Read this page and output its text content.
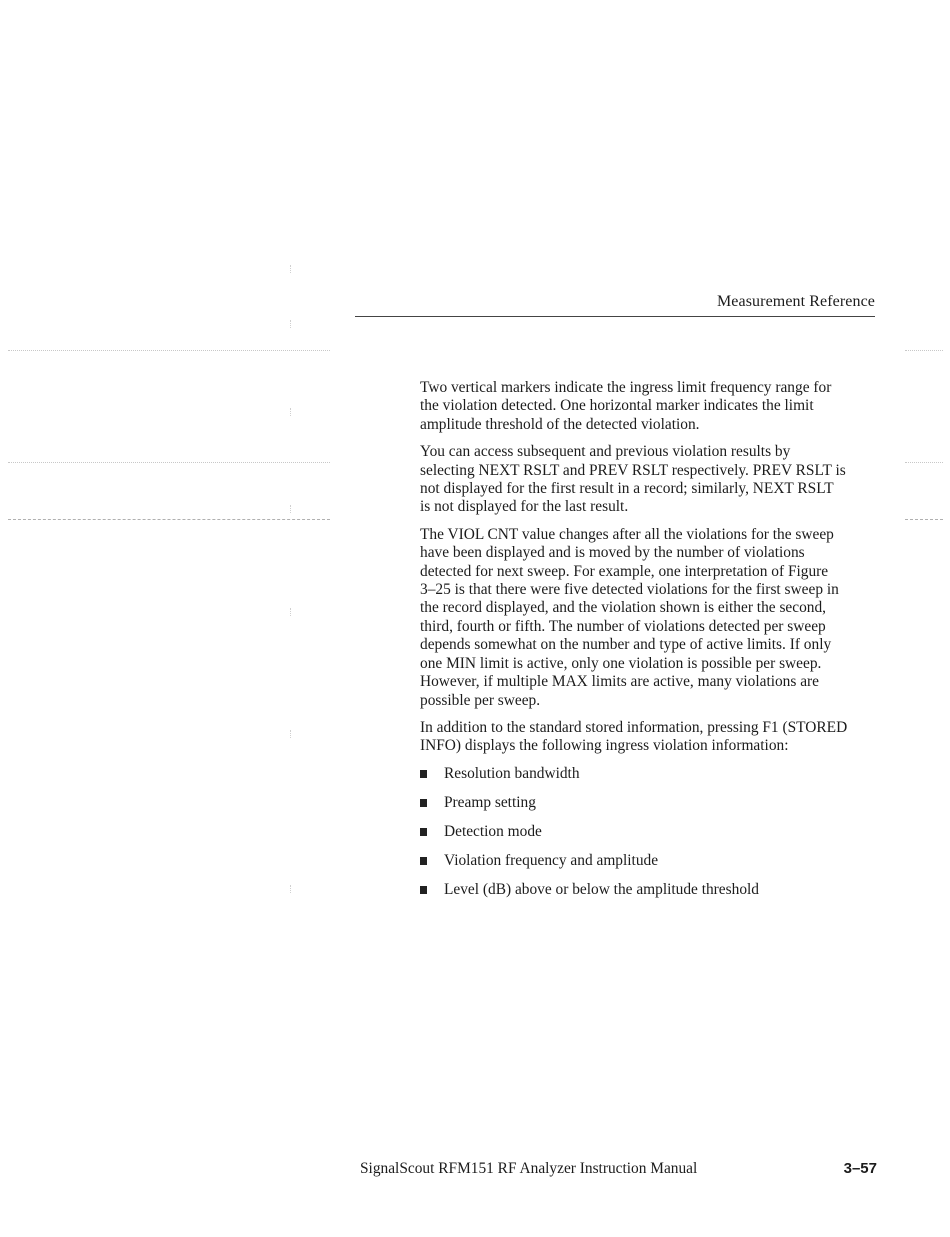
Measurement Reference

Two vertical markers indicate the ingress limit frequency range for
the violation detected. One horizontal marker indicates the limit
amplitude threshold of the detected violation.

You can access subsequent and previous violation results by
selecting NEXT RSLT and PREV RSLT respectively. PREV RSLT is
not displayed for the first result in a record; similarly, NEXT RSLT
is not displayed for the last result.

The VIOL CNT value changes after all the violations for the sweep
have been displayed and is moved by the number of violations
detected for next sweep. For example, one interpretation of Figure
3–25 is that there were five detected violations for the first sweep in
the record displayed, and the violation shown is either the second,
third, fourth or fifth. The number of violations detected per sweep
depends somewhat on the number and type of active limits. If only
one MIN limit is active, only one violation is possible per sweep.
However, if multiple MAX limits are active, many violations are
possible per sweep.

In addition to the standard stored information, pressing F1 (STORED
INFO) displays the following ingress violation information:

Resolution bandwidth
Preamp setting
Detection mode
Violation frequency and amplitude
Level (dB) above or below the amplitude threshold
SignalScout RFM151 RF Analyzer Instruction Manual	3–57
